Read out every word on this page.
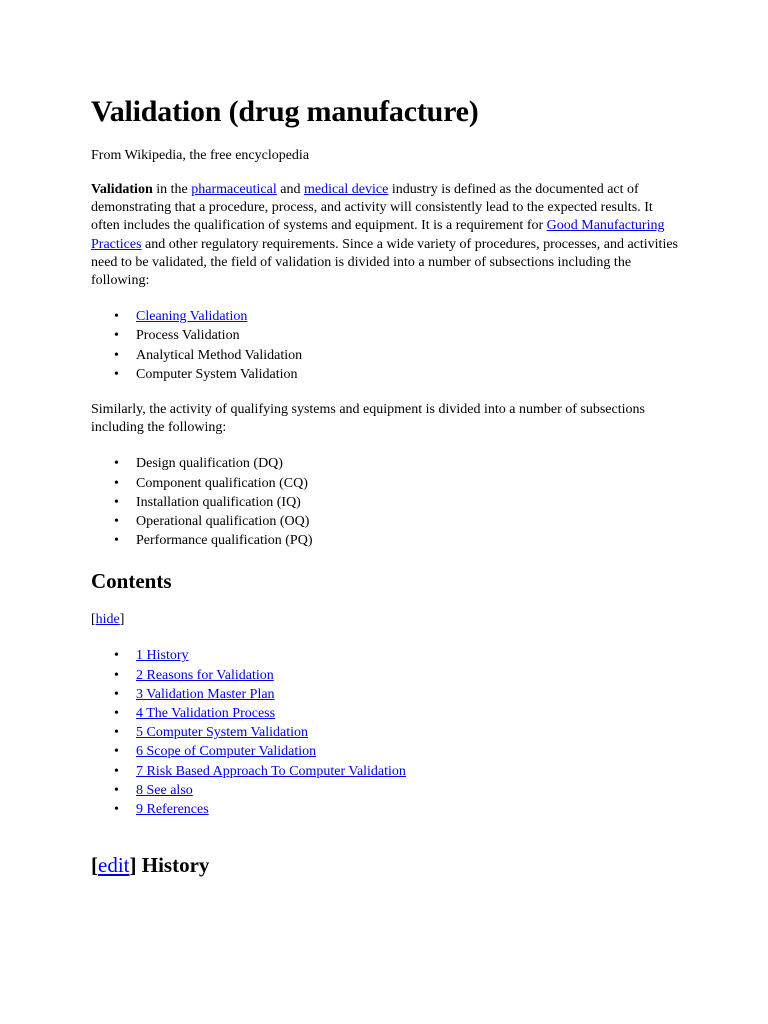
Validation (drug manufacture)
From Wikipedia, the free encyclopedia
Validation in the pharmaceutical and medical device industry is defined as the documented act of demonstrating that a procedure, process, and activity will consistently lead to the expected results. It often includes the qualification of systems and equipment. It is a requirement for Good Manufacturing Practices and other regulatory requirements. Since a wide variety of procedures, processes, and activities need to be validated, the field of validation is divided into a number of subsections including the following:
• Cleaning Validation
• Process Validation
• Analytical Method Validation
• Computer System Validation
Similarly, the activity of qualifying systems and equipment is divided into a number of subsections including the following:
• Design qualification (DQ)
• Component qualification (CQ)
• Installation qualification (IQ)
• Operational qualification (OQ)
• Performance qualification (PQ)
Contents
[hide]
• 1 History
• 2 Reasons for Validation
• 3 Validation Master Plan
• 4 The Validation Process
• 5 Computer System Validation
• 6 Scope of Computer Validation
• 7 Risk Based Approach To Computer Validation
• 8 See also
• 9 References
[edit] History
